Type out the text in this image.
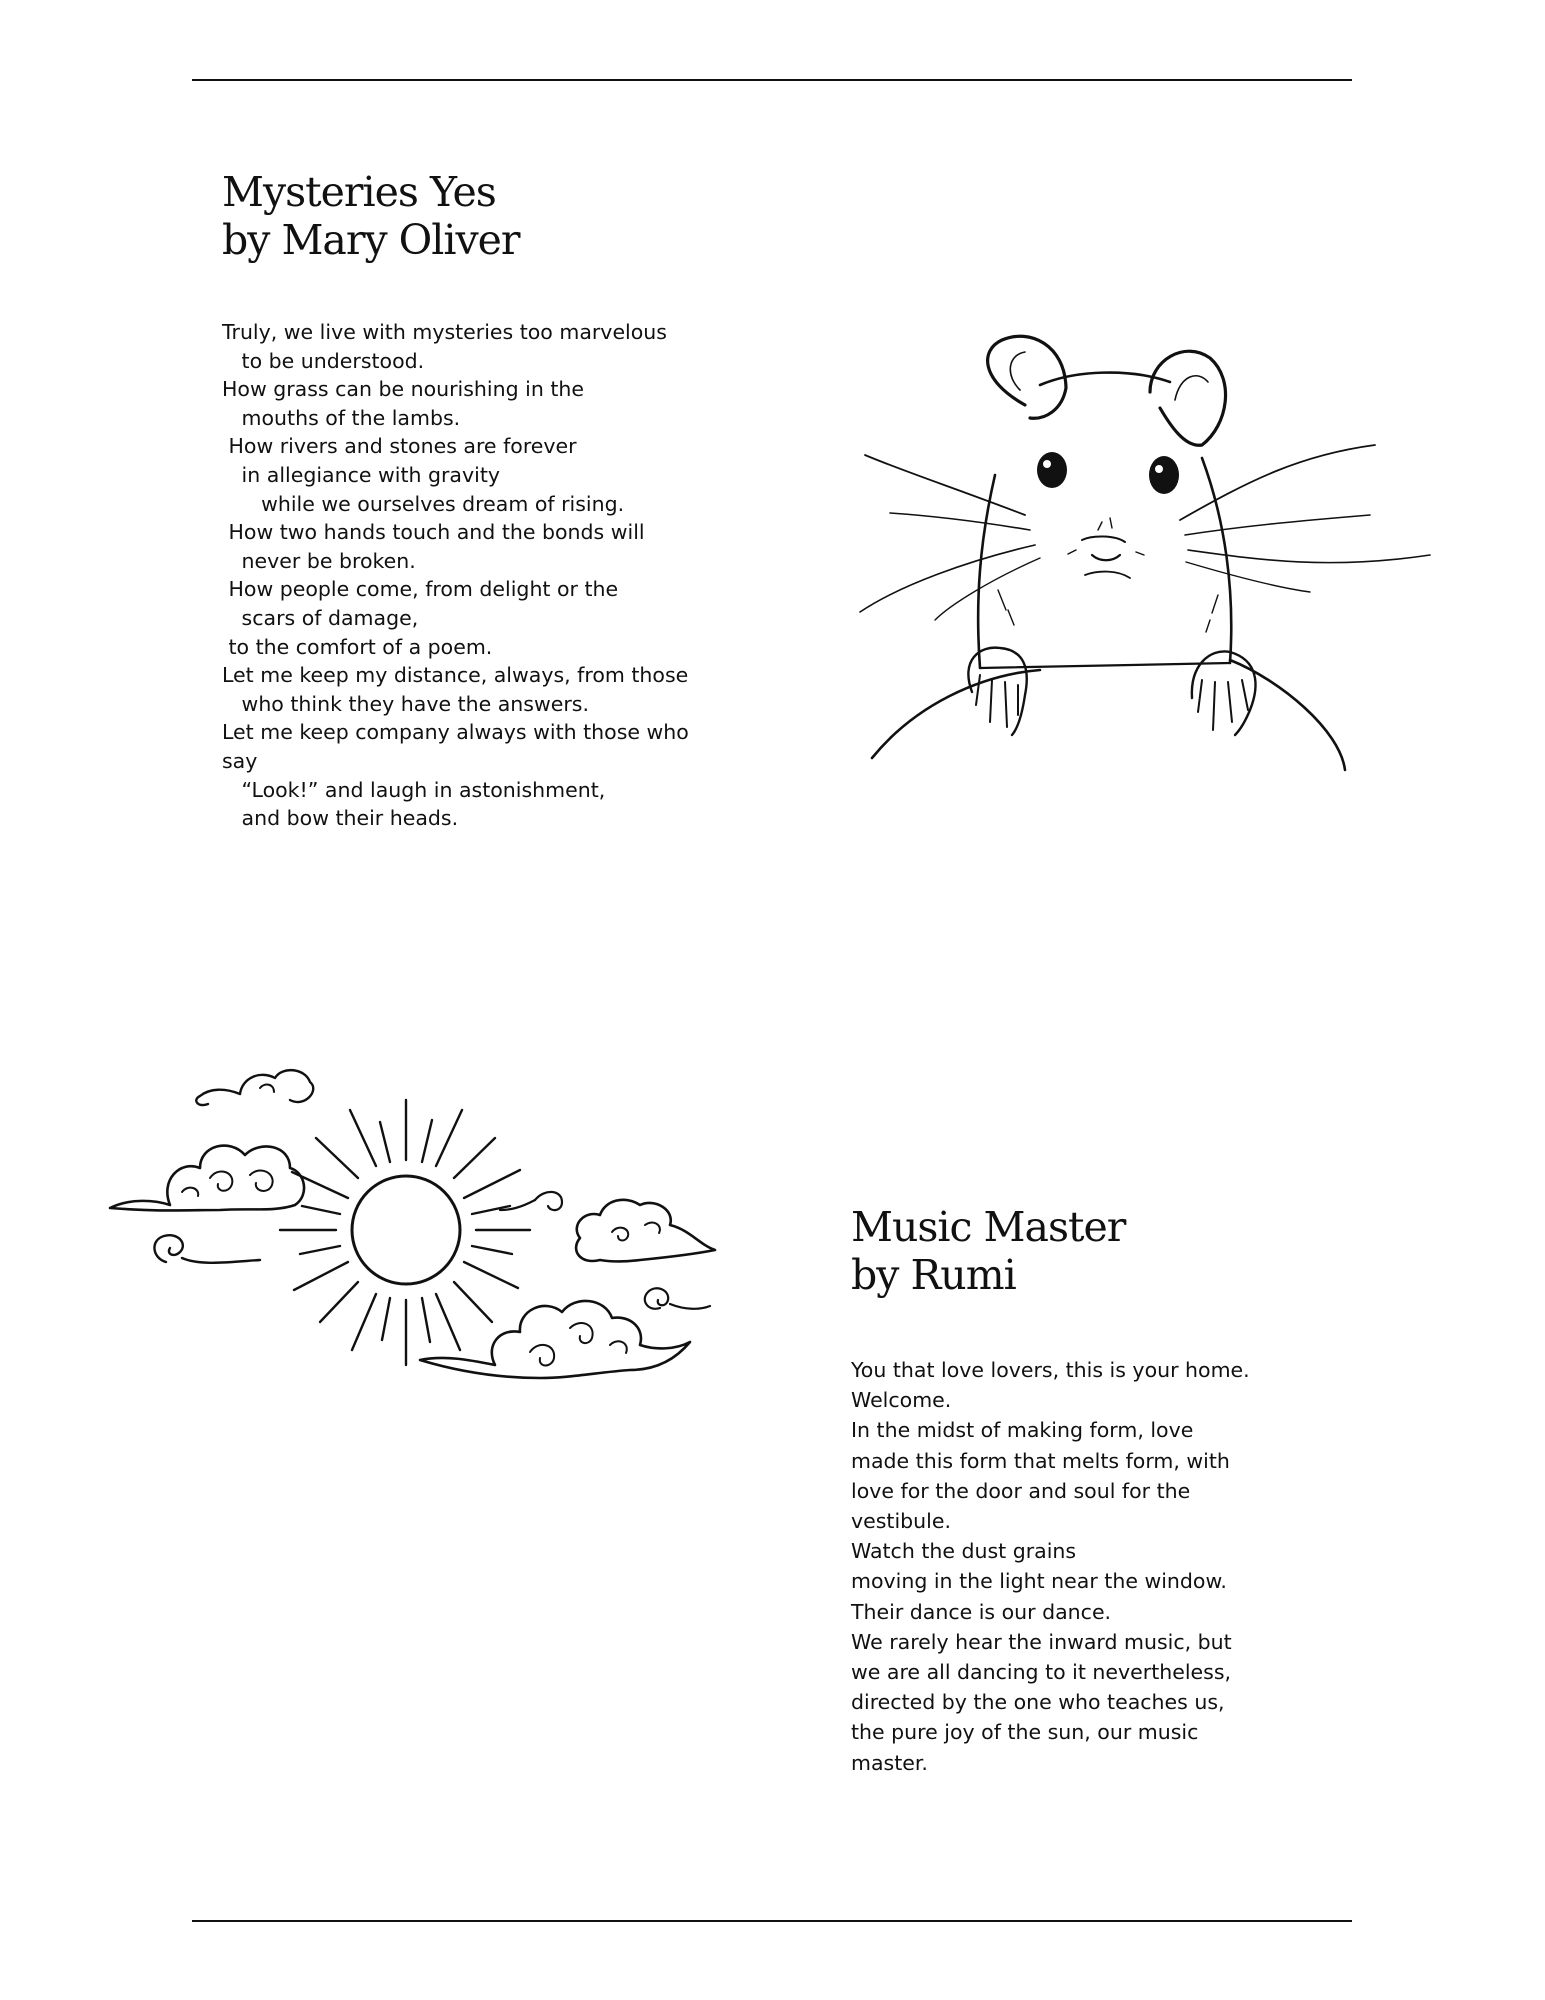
Mysteries Yes
by Mary Oliver
Truly, we live with mysteries too marvelous
to be understood.
How grass can be nourishing in the
mouths of the lambs.
How rivers and stones are forever
in allegiance with gravity
while we ourselves dream of rising.
How two hands touch and the bonds will
never be broken.
How people come, from delight or the
scars of damage,
to the comfort of a poem.
Let me keep my distance, always, from those
who think they have the answers.
Let me keep company always with those who
say
“Look!” and laugh in astonishment,
and bow their heads.
Music Master
by Rumi
You that love lovers, this is your home.
Welcome.
In the midst of making form, love
made this form that melts form, with
love for the door and soul for the
vestibule.
Watch the dust grains
moving in the light near the window.
Their dance is our dance.
We rarely hear the inward music, but
we are all dancing to it nevertheless,
directed by the one who teaches us,
the pure joy of the sun, our music
master.
